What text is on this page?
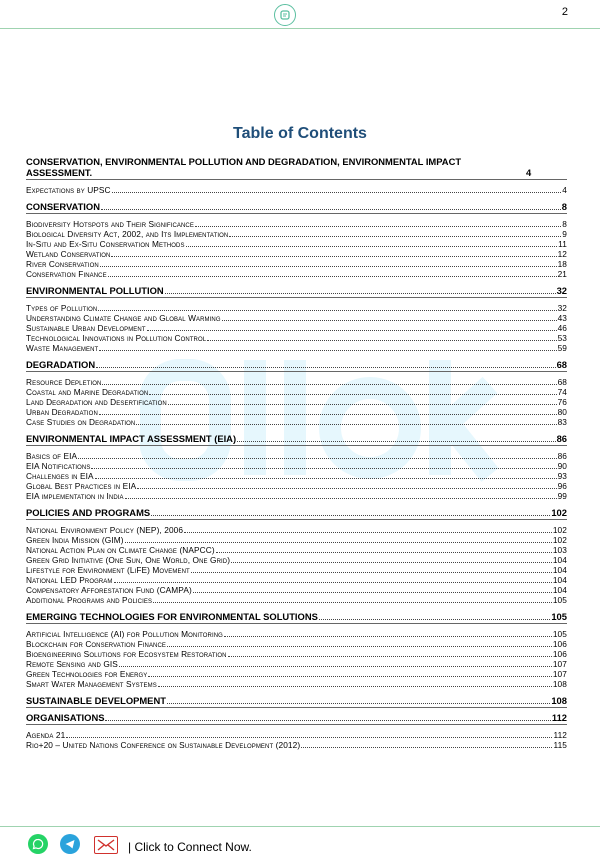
2
Table of Contents
CONSERVATION, ENVIRONMENTAL POLLUTION AND DEGRADATION, ENVIRONMENTAL IMPACT ASSESSMENT.	4
Expectations by UPSC	4
CONSERVATION	8
Biodiversity Hotspots and Their Significance	8
Biological Diversity Act, 2002, and Its Implementation	9
In-Situ and Ex-Situ Conservation Methods	11
Wetland Conservation	12
River Conservation	18
Conservation Finance	21
ENVIRONMENTAL POLLUTION	32
Types of Pollution	32
Understanding Climate Change and Global Warming	43
Sustainable Urban Development	46
Technological Innovations in Pollution Control	53
Waste Management	59
DEGRADATION	68
Resource Depletion	68
Coastal and Marine Degradation	74
Land Degradation and Desertification	76
Urban Degradation	80
Case Studies on Degradation	83
ENVIRONMENTAL IMPACT ASSESSMENT (EIA)	86
Basics of EIA	86
EIA Notifications	90
Challenges in EIA	93
Global Best Practices in EIA	96
EIA implementation in India	99
POLICIES AND PROGRAMS	102
National Environment Policy (NEP), 2006	102
Green India Mission (GIM)	102
National Action Plan on Climate Change (NAPCC)	103
Green Grid Initiative (One Sun, One World, One Grid)	104
Lifestyle for Environment (LiFE) Movement	104
National LED Program	104
Compensatory Afforestation Fund (CAMPA)	104
Additional Programs and Policies	105
EMERGING TECHNOLOGIES FOR ENVIRONMENTAL SOLUTIONS	105
Artificial Intelligence (AI) for Pollution Monitoring	105
Blockchain for Conservation Finance	106
Bioengineering Solutions for Ecosystem Restoration	106
Remote Sensing and GIS	107
Green Technologies for Energy	107
Smart Water Management Systems	108
SUSTAINABLE DEVELOPMENT	108
ORGANISATIONS	112
Agenda 21	112
Rio+20 – United Nations Conference on Sustainable Development (2012)	115
| Click to Connect Now.
